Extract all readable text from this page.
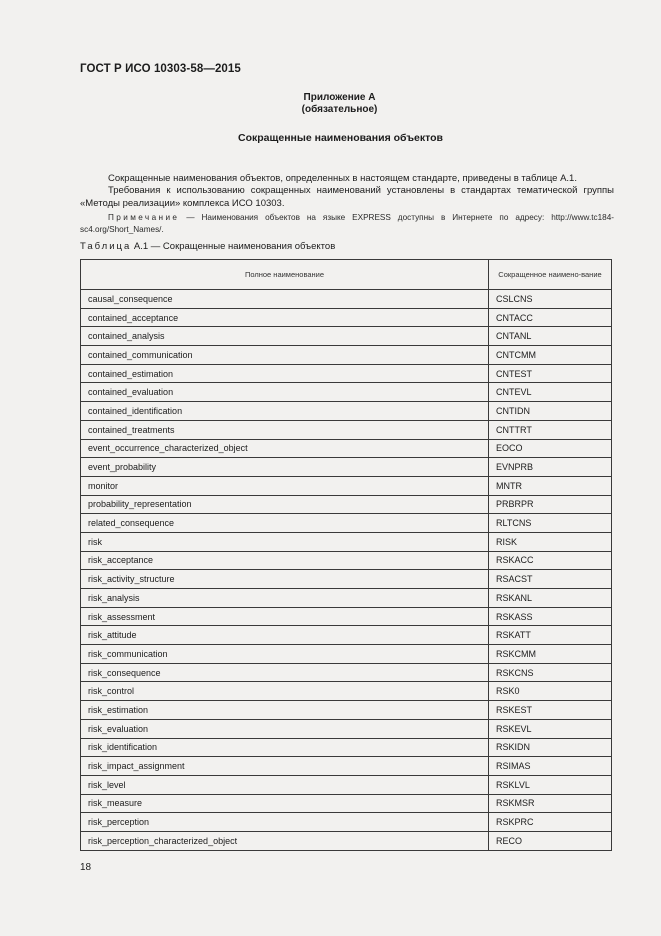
ГОСТ Р ИСО 10303-58—2015
Приложение А
(обязательное)
Сокращенные наименования объектов
Сокращенные наименования объектов, определенных в настоящем стандарте, приведены в таблице А.1.
Требования к использованию сокращенных наименований установлены в стандартах тематической группы «Методы реализации» комплекса ИСО 10303.
Примечание — Наименования объектов на языке EXPRESS доступны в Интернете по адресу: http://www.tc184-sc4.org/Short_Names/.
Таблица А.1 — Сокращенные наименования объектов
Полное наименование	Сокращенное наимено-вание
causal_consequence	CSLCNS
contained_acceptance	CNTACC
contained_analysis	CNTANL
contained_communication	CNTCMM
contained_estimation	CNTEST
contained_evaluation	CNTEVL
contained_identification	CNTIDN
contained_treatments	CNTTRT
event_occurrence_characterized_object	EOCO
event_probability	EVNPRB
monitor	MNTR
probability_representation	PRBRPR
related_consequence	RLTCNS
risk	RISK
risk_acceptance	RSKACC
risk_activity_structure	RSACST
risk_analysis	RSKANL
risk_assessment	RSKASS
risk_attitude	RSKATT
risk_communication	RSKCMM
risk_consequence	RSKCNS
risk_control	RSK0
risk_estimation	RSKEST
risk_evaluation	RSKEVL
risk_identification	RSKIDN
risk_impact_assignment	RSIMAS
risk_level	RSKLVL
risk_measure	RSKMSR
risk_perception	RSKPRC
risk_perception_characterized_object	RECO
18
